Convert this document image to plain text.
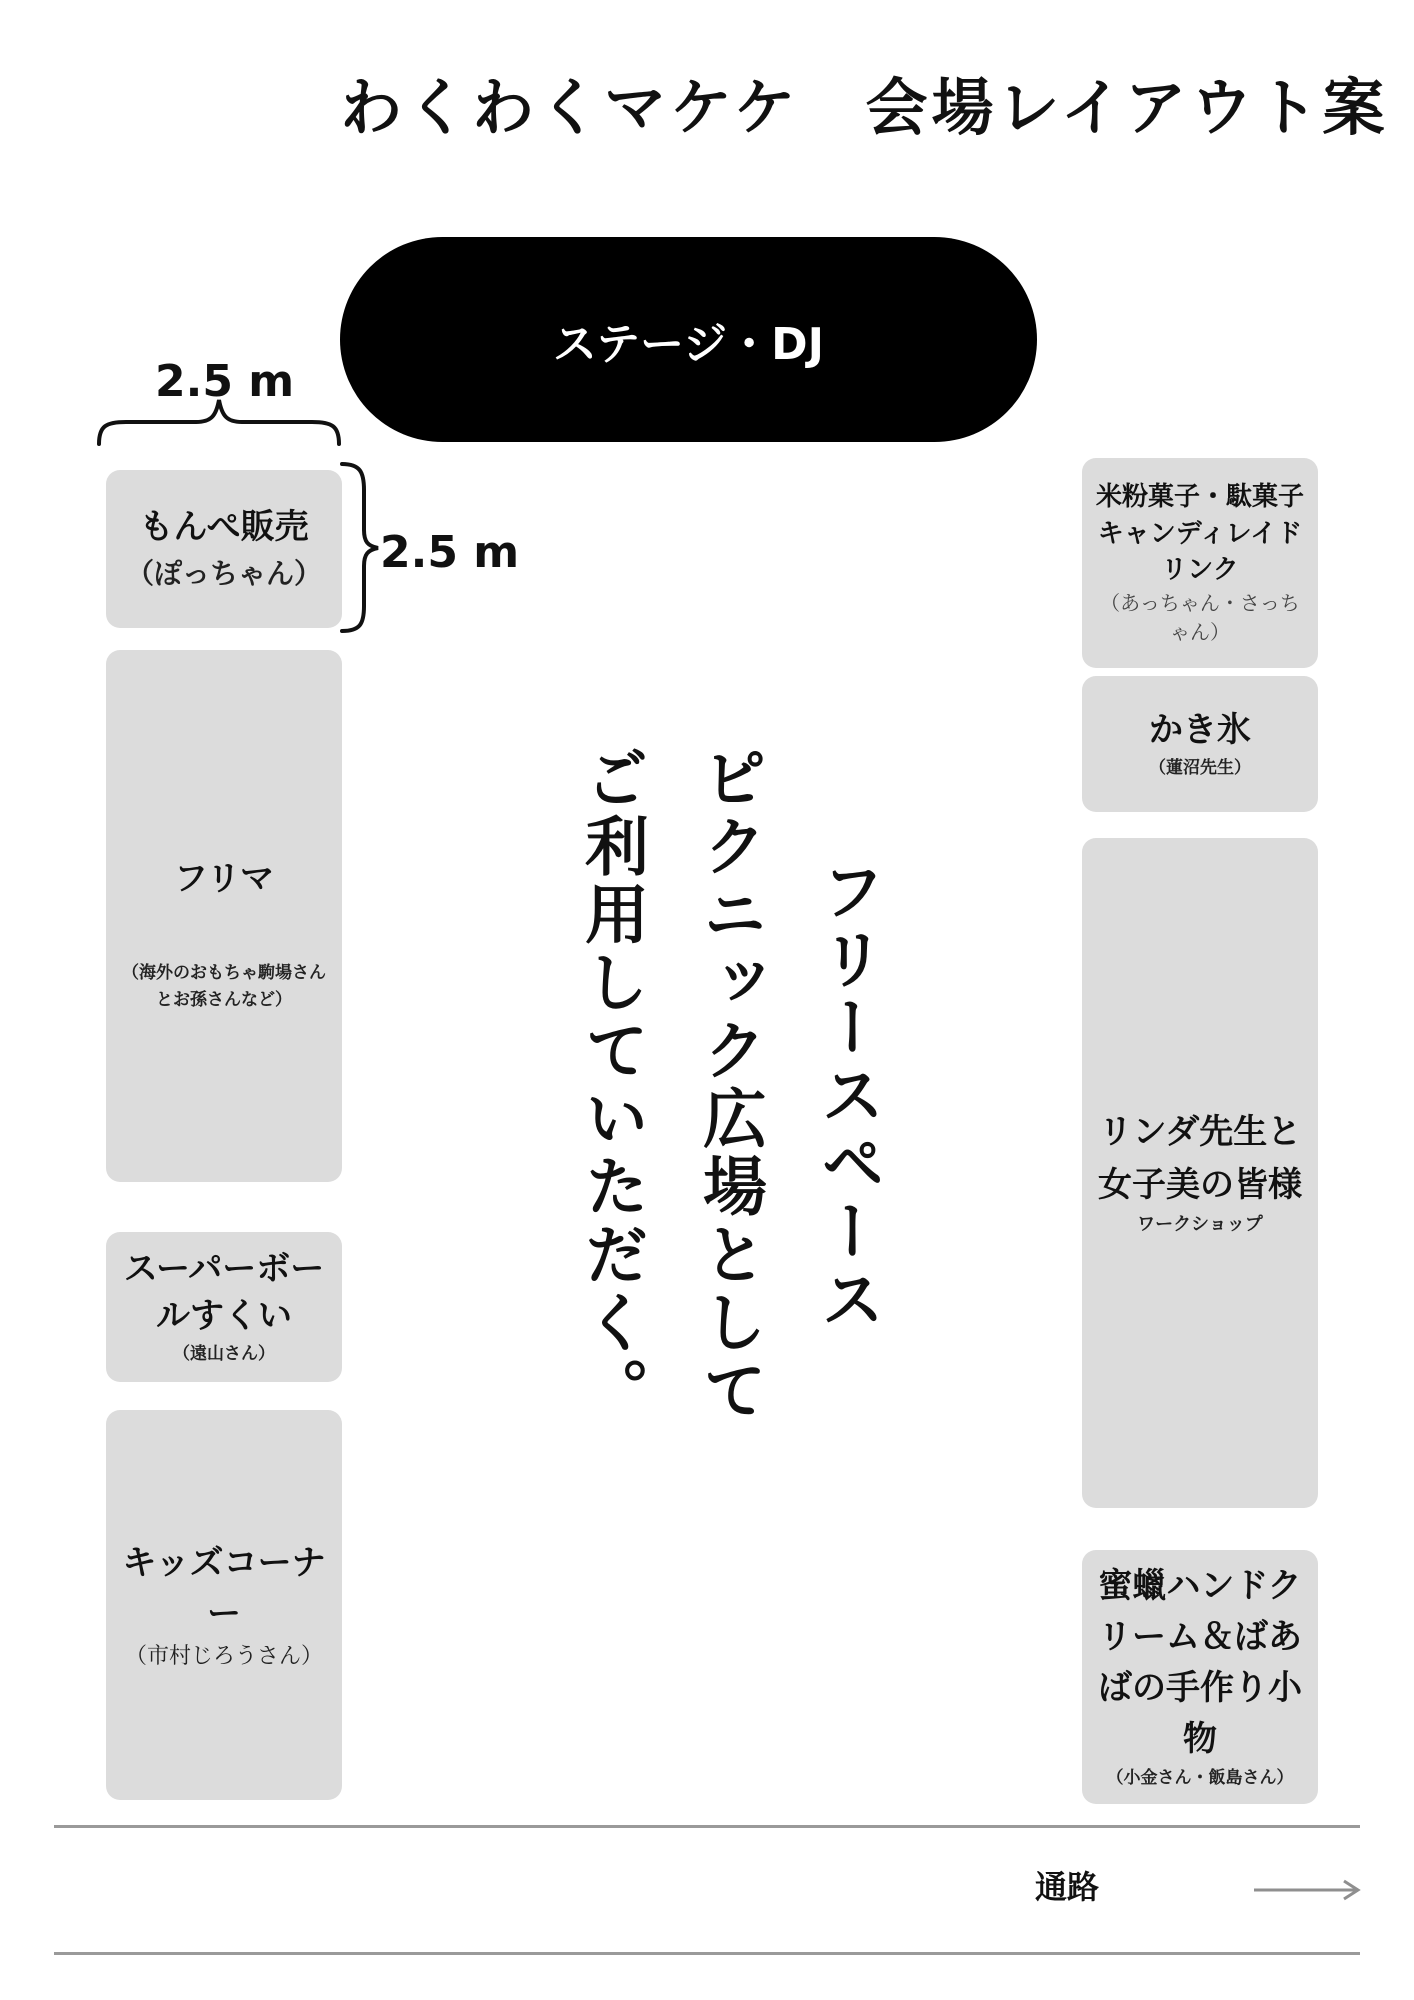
わくわくマケケ　会場レイアウト案
ステージ・DJ
2.5 m
2.5 m
もんぺ販売
（ぽっちゃん）
フリマ
（海外のおもちゃ駒場さんとお孫さんなど）
スーパーボールすくい
（遠山さん）
キッズコーナー
（市村じろうさん）
米粉菓子・駄菓子キャンディレイドリンク
（あっちゃん・さっちゃん）
かき氷
（蓮沼先生）
リンダ先生と女子美の皆様
ワークショップ
蜜蠟ハンドクリーム＆ばあばの手作り小物
（小金さん・飯島さん）
フリースペース
ピクニック広場として
ご利用していただく。
通路
